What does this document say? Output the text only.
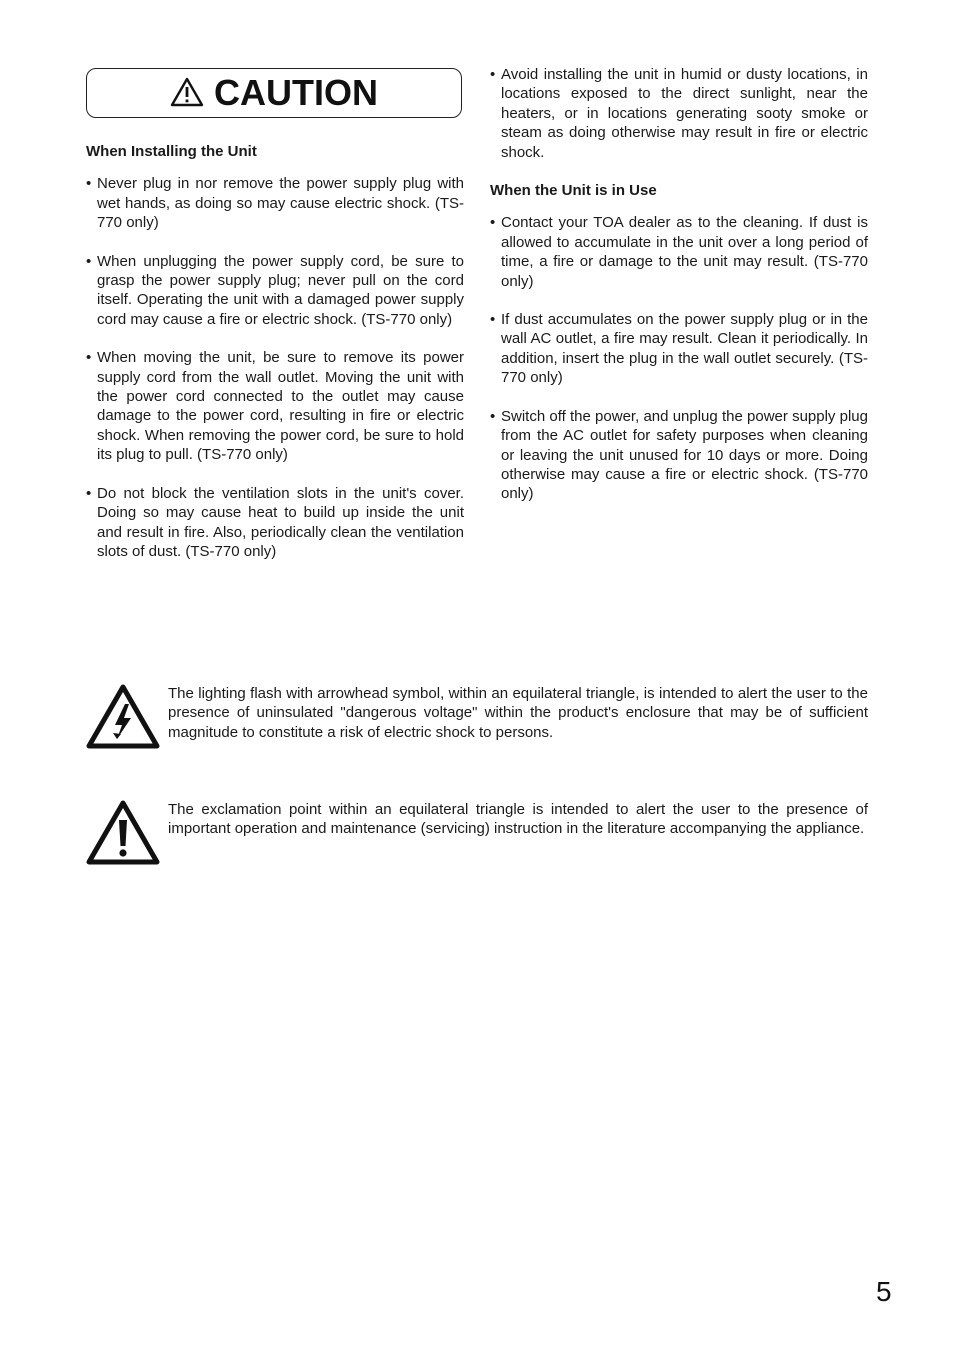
CAUTION

When Installing the Unit

• Never plug in nor remove the power supply plug with wet hands, as doing so may cause electric shock. (TS-770 only)
• When unplugging the power supply cord, be sure to grasp the power supply plug; never pull on the cord itself. Operating the unit with a damaged power supply cord may cause a fire or electric shock. (TS-770 only)
• When moving the unit, be sure to remove its power supply cord from the wall outlet. Moving the unit with the power cord connected to the outlet may cause damage to the power cord, resulting in fire or electric shock. When removing the power cord, be sure to hold its plug to pull. (TS-770 only)
• Do not block the ventilation slots in the unit's cover. Doing so may cause heat to build up inside the unit and result in fire. Also, periodically clean the ventilation slots of dust. (TS-770 only)
• Avoid installing the unit in humid or dusty locations, in locations exposed to the direct sunlight, near the heaters, or in locations generating sooty smoke or steam as doing otherwise may result in fire or electric shock.

When the Unit is in Use

• Contact your TOA dealer as to the cleaning. If dust is allowed to accumulate in the unit over a long period of time, a fire or damage to the unit may result. (TS-770 only)
• If dust accumulates on the power supply plug or in the wall AC outlet, a fire may result. Clean it periodically. In addition, insert the plug in the wall outlet securely. (TS-770 only)
• Switch off the power, and unplug the power supply plug from the AC outlet for safety purposes when cleaning or leaving the unit unused for 10 days or more. Doing otherwise may cause a fire or electric shock. (TS-770 only)
The lighting flash with arrowhead symbol, within an equilateral triangle, is intended to alert the user to the presence of uninsulated "dangerous voltage" within the product's enclosure that may be of sufficient magnitude to constitute a risk of electric shock to persons.
The exclamation point within an equilateral triangle is intended to alert the user to the presence of important operation and maintenance (servicing) instruction in the literature accompanying the appliance.
5
